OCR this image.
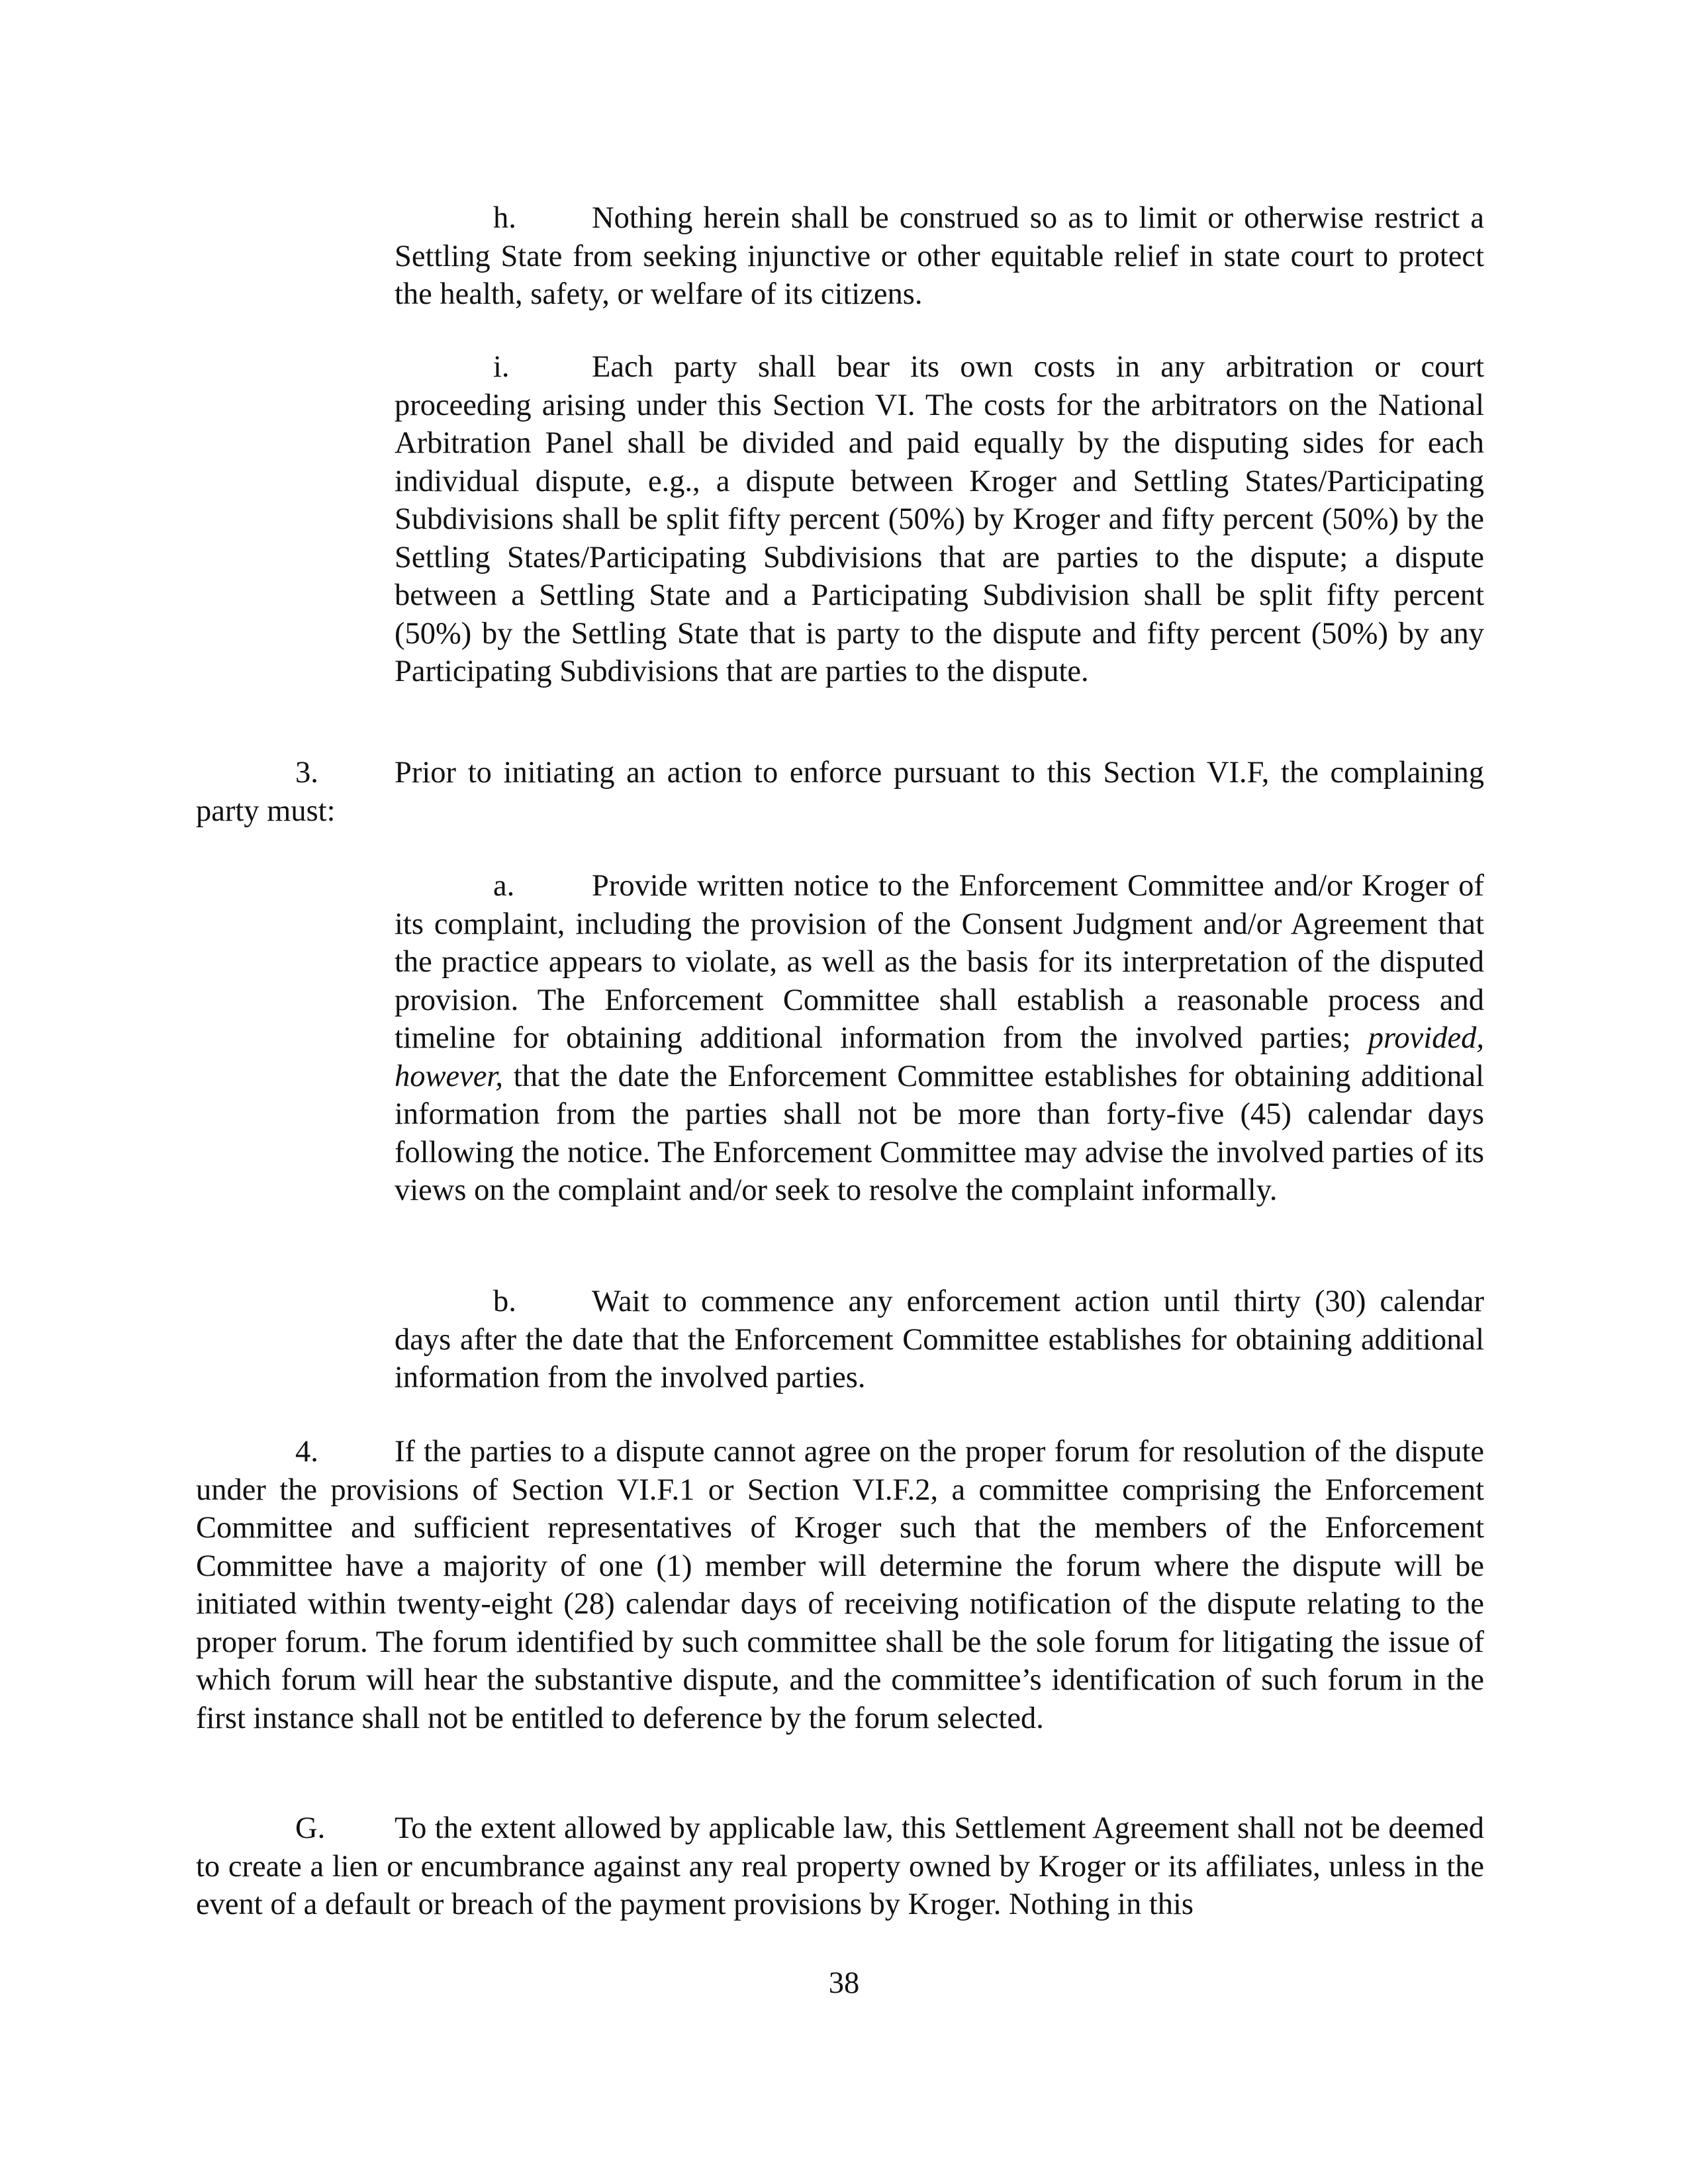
h. Nothing herein shall be construed so as to limit or otherwise restrict a Settling State from seeking injunctive or other equitable relief in state court to protect the health, safety, or welfare of its citizens.

i.	Each party shall bear its own costs in any arbitration or court proceeding arising under this Section VI. The costs for the arbitrators on the National Arbitration Panel shall be divided and paid equally by the disputing sides for each individual dispute, e.g., a dispute between Kroger and Settling States/Participating Subdivisions shall be split fifty percent (50%) by Kroger and fifty percent (50%) by the Settling States/Participating Subdivisions that are parties to the dispute; a dispute between a Settling State and a Participating Subdivision shall be split fifty percent (50%) by the Settling State that is party to the dispute and fifty percent (50%) by any Participating Subdivisions that are parties to the dispute.

3. Prior to initiating an action to enforce pursuant to this Section VI.F, the complaining
party must:

a.	Provide written notice to the Enforcement Committee and/or Kroger of its complaint, including the provision of the Consent Judgment and/or Agreement that the practice appears to violate, as well as the basis for its interpretation of the disputed provision. The Enforcement Committee shall establish a reasonable process and timeline for obtaining additional information from the involved parties; provided, however, that the date the Enforcement Committee establishes for obtaining additional information from the parties shall not be more than forty-five (45) calendar days following the notice. The Enforcement Committee may advise the involved parties of its views on the complaint and/or seek to resolve the complaint informally.

b. Wait to commence any enforcement action until thirty (30) calendar days after the date that the Enforcement Committee establishes for obtaining additional information from the involved parties.

4. If the parties to a dispute cannot agree on the proper forum for resolution of the dispute under the provisions of Section VI.F.1 or Section VI.F.2, a committee comprising the Enforcement Committee and sufficient representatives of Kroger such that the members of the Enforcement Committee have a majority of one (1) member will determine the forum where the dispute will be initiated within twenty-eight (28) calendar days of receiving notification of the dispute relating to the proper forum. The forum identified by such committee shall be the sole forum for litigating the issue of which forum will hear the substantive dispute, and the committee’s identification of such forum in the first instance shall not be entitled to deference by the forum selected.

G. To the extent allowed by applicable law, this Settlement Agreement shall not be deemed to create a lien or encumbrance against any real property owned by Kroger or its affiliates, unless in the event of a default or breach of the payment provisions by Kroger. Nothing in this

38
